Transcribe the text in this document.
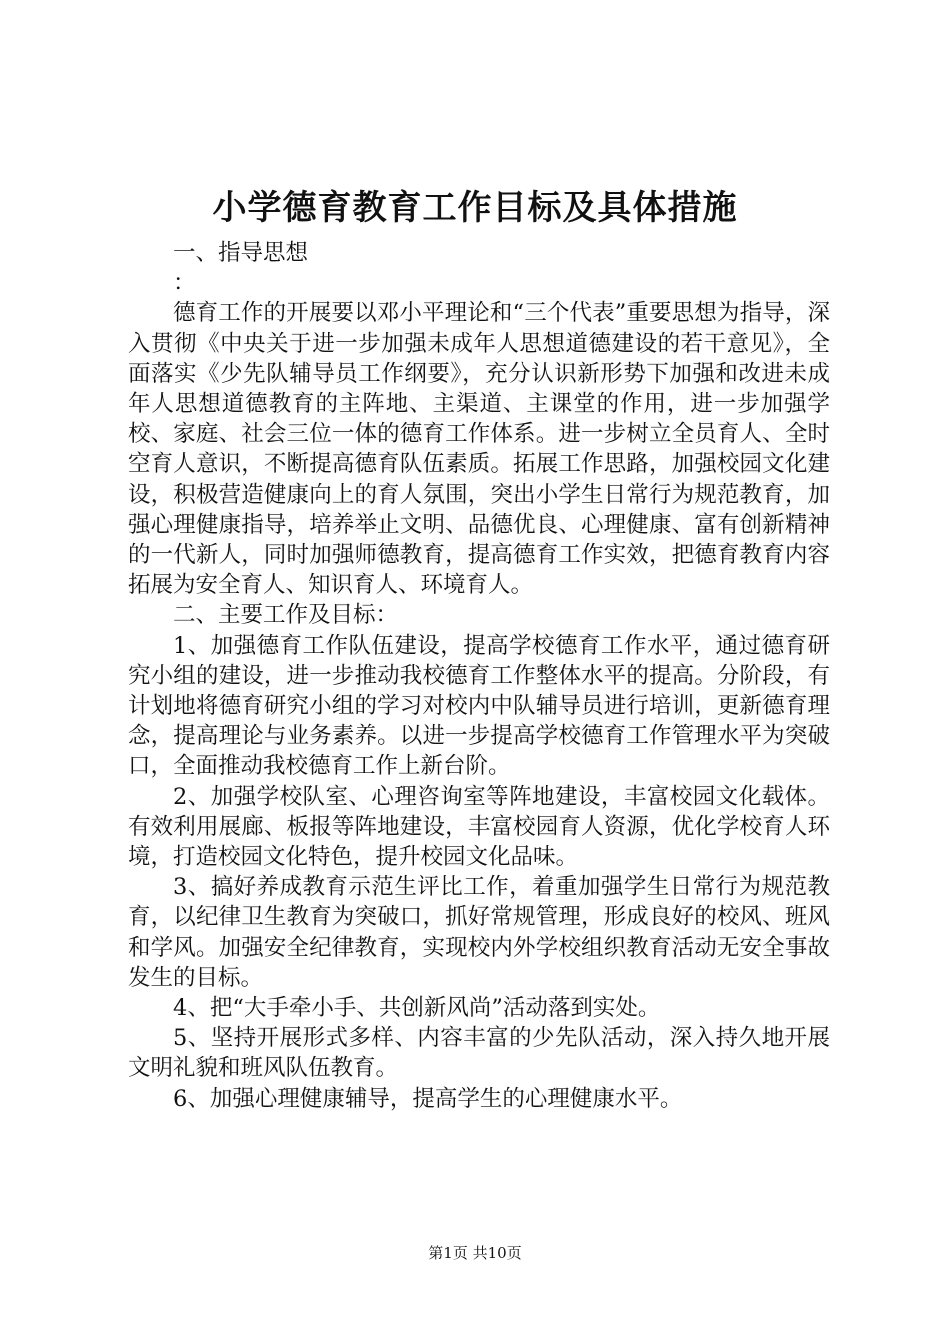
小学德育教育工作目标及具体措施

一、指导思想

：

德育工作的开展要以邓小平理论和“三个代表”重要思想为指导，深入贯彻《中央关于进一步加强未成年人思想道德建设的若干意见》，全面落实《少先队辅导员工作纲要》，充分认识新形势下加强和改进未成年人思想道德教育的主阵地、主渠道、主课堂的作用，进一步加强学校、家庭、社会三位一体的德育工作体系。进一步树立全员育人、全时空育人意识，不断提高德育队伍素质。拓展工作思路，加强校园文化建设，积极营造健康向上的育人氛围，突出小学生日常行为规范教育，加强心理健康指导，培养举止文明、品德优良、心理健康、富有创新精神的一代新人，同时加强师德教育，提高德育工作实效，把德育教育内容拓展为安全育人、知识育人、环境育人。

二、主要工作及目标：

1、加强德育工作队伍建设，提高学校德育工作水平，通过德育研究小组的建设，进一步推动我校德育工作整体水平的提高。分阶段，有计划地将德育研究小组的学习对校内中队辅导员进行培训，更新德育理念，提高理论与业务素养。以进一步提高学校德育工作管理水平为突破口，全面推动我校德育工作上新台阶。

2、加强学校队室、心理咨询室等阵地建设，丰富校园文化载体。有效利用展廊、板报等阵地建设，丰富校园育人资源，优化学校育人环境，打造校园文化特色，提升校园文化品味。

3、搞好养成教育示范生评比工作，着重加强学生日常行为规范教育，以纪律卫生教育为突破口，抓好常规管理，形成良好的校风、班风和学风。加强安全纪律教育，实现校内外学校组织教育活动无安全事故发生的目标。

4、把“大手牵小手、共创新风尚”活动落到实处。

5、坚持开展形式多样、内容丰富的少先队活动，深入持久地开展文明礼貌和班风队伍教育。

6、加强心理健康辅导，提高学生的心理健康水平。

第1页 共10页
